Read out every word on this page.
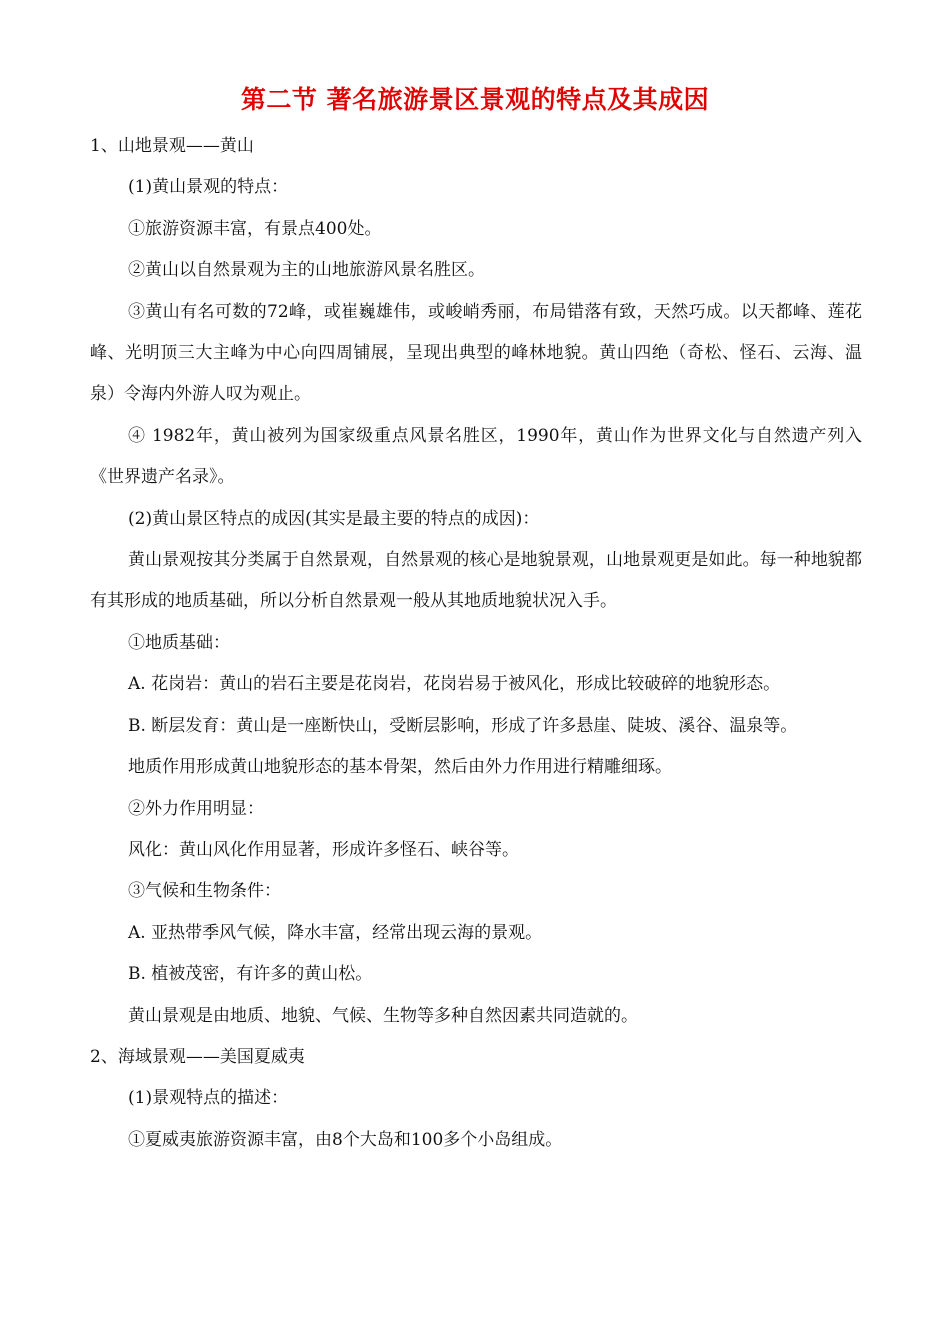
第二节 著名旅游景区景观的特点及其成因

1、山地景观——黄山

(1)黄山景观的特点：

①旅游资源丰富，有景点400处。

②黄山以自然景观为主的山地旅游风景名胜区。

③黄山有名可数的72峰，或崔巍雄伟，或峻峭秀丽，布局错落有致，天然巧成。以天都峰、莲花峰、光明顶三大主峰为中心向四周铺展，呈现出典型的峰林地貌。黄山四绝（奇松、怪石、云海、温泉）令海内外游人叹为观止。

④ 1982年，黄山被列为国家级重点风景名胜区，1990年，黄山作为世界文化与自然遗产列入《世界遗产名录》。

(2)黄山景区特点的成因(其实是最主要的特点的成因)：

黄山景观按其分类属于自然景观，自然景观的核心是地貌景观，山地景观更是如此。每一种地貌都有其形成的地质基础，所以分析自然景观一般从其地质地貌状况入手。

①地质基础：

A. 花岗岩：黄山的岩石主要是花岗岩，花岗岩易于被风化，形成比较破碎的地貌形态。

B. 断层发育：黄山是一座断快山，受断层影响，形成了许多悬崖、陡坡、溪谷、温泉等。

地质作用形成黄山地貌形态的基本骨架，然后由外力作用进行精雕细琢。

②外力作用明显：

风化：黄山风化作用显著，形成许多怪石、峡谷等。

③气候和生物条件：

A. 亚热带季风气候，降水丰富，经常出现云海的景观。

B. 植被茂密，有许多的黄山松。

黄山景观是由地质、地貌、气候、生物等多种自然因素共同造就的。

2、海域景观——美国夏威夷

(1)景观特点的描述：

①夏威夷旅游资源丰富，由8个大岛和100多个小岛组成。
